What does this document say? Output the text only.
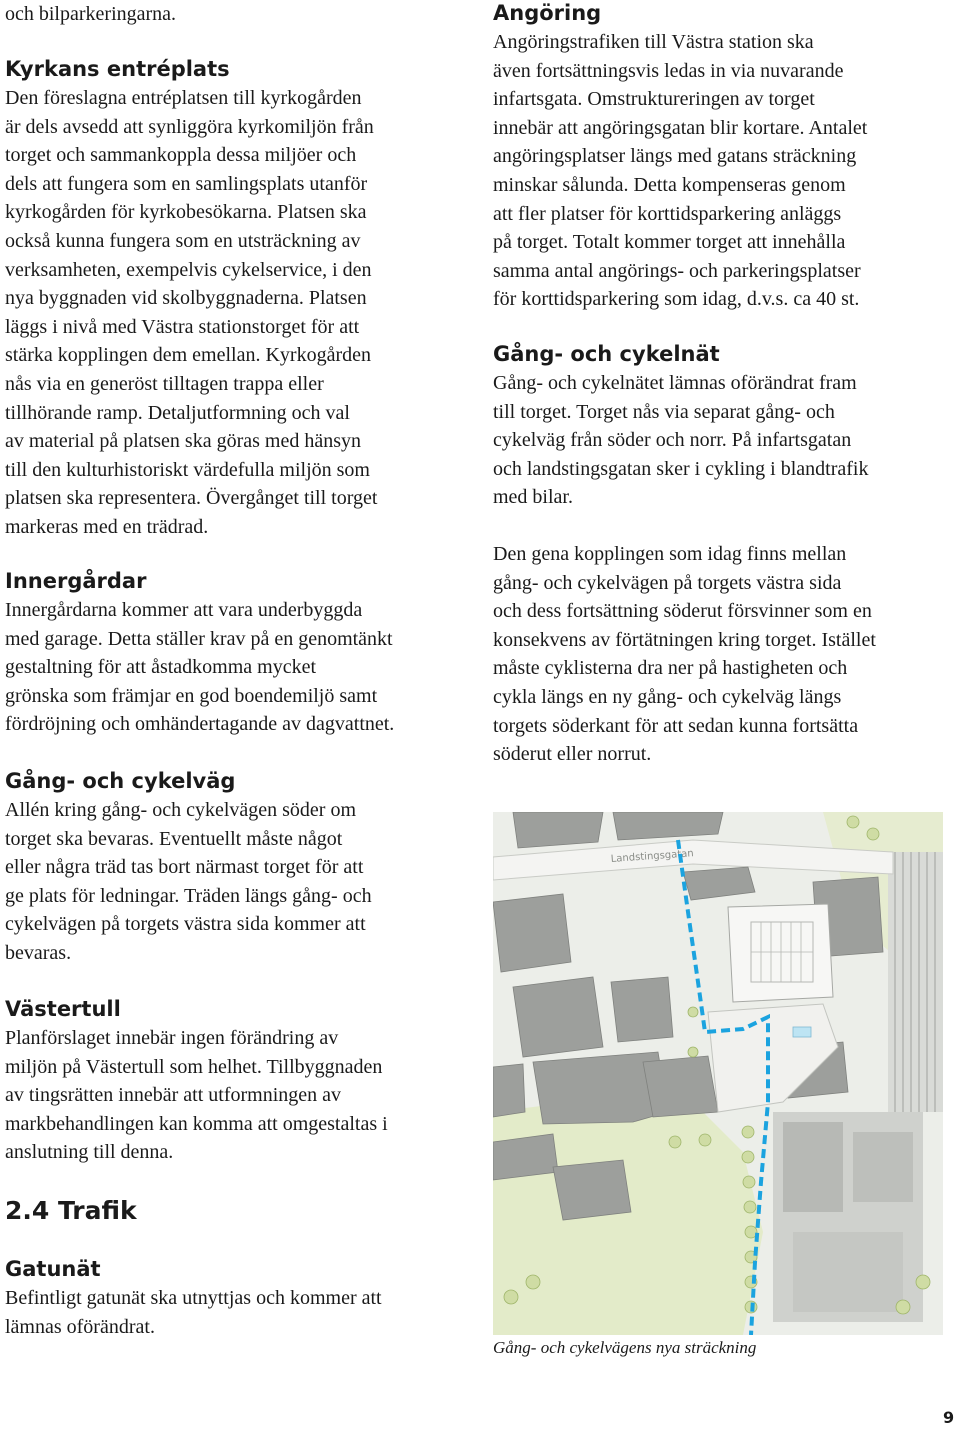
och bilparkeringarna.

Kyrkans entréplats

Den föreslagna entréplatsen till kyrkogården

är dels avsedd att synliggöra kyrkomiljön från

torget och sammankoppla dessa miljöer och

dels att fungera som en samlingsplats utanför

kyrkogården för kyrkobesökarna. Platsen ska

också kunna fungera som en utsträckning av

verksamheten, exempelvis cykelservice, i den

nya byggnaden vid skolbyggnaderna. Platsen

läggs i nivå med Västra stationstorget för att

stärka kopplingen dem emellan. Kyrkogården

nås via en generöst tilltagen trappa eller

tillhörande ramp. Detaljutformning och val

av material på platsen ska göras med hänsyn

till den kulturhistoriskt värdefulla miljön som

platsen ska representera. Övergånget till torget

markeras med en trädrad.

Innergårdar

Innergårdarna kommer att vara underbyggda

med garage. Detta ställer krav på en genomtänkt

gestaltning för att åstadkomma mycket

grönska som främjar en god boendemiljö samt

fördröjning och omhändertagande av dagvattnet.

Gång- och cykelväg

Allén kring gång- och cykelvägen söder om

torget ska bevaras. Eventuellt måste något

eller några träd tas bort närmast torget för att

ge plats för ledningar. Träden längs gång- och

cykelvägen på torgets västra sida kommer att

bevaras.

Västertull

Planförslaget innebär ingen förändring av

miljön på Västertull som helhet. Tillbyggnaden

av tingsrätten innebär att utformningen av

markbehandlingen kan komma att omgestaltas i

anslutning till denna.

2.4 Trafik
Gatunät

Befintligt gatunät ska utnyttjas och kommer att

lämnas oförändrat.

Angöring

Angöringstrafiken till Västra station ska

även fortsättningsvis ledas in via nuvarande

infartsgata. Omstruktureringen av torget

innebär att angöringsgatan blir kortare. Antalet

angöringsplatser längs med gatans sträckning

minskar sålunda. Detta kompenseras genom

att fler platser för korttidsparkering anläggs

på torget. Totalt kommer torget att innehålla

samma antal angörings- och parkeringsplatser

för korttidsparkering som idag, d.v.s. ca 40 st.

Gång- och cykelnät

Gång- och cykelnätet lämnas oförändrat fram

till torget. Torget nås via separat gång- och

cykelväg från söder och norr. På infartsgatan

och landstingsgatan sker i cykling i blandtrafik

med bilar.

Den gena kopplingen som idag finns mellan

gång- och cykelvägen på torgets västra sida

och dess fortsättning söderut försvinner som en

konsekvens av förtätningen kring torget. Istället

måste cyklisterna dra ner på hastigheten och

cykla längs en ny gång- och cykelväg längs

torgets söderkant för att sedan kunna fortsätta

söderut eller norrut.

Landstingsgatan
Gång- och cykelvägens nya sträckning
9
